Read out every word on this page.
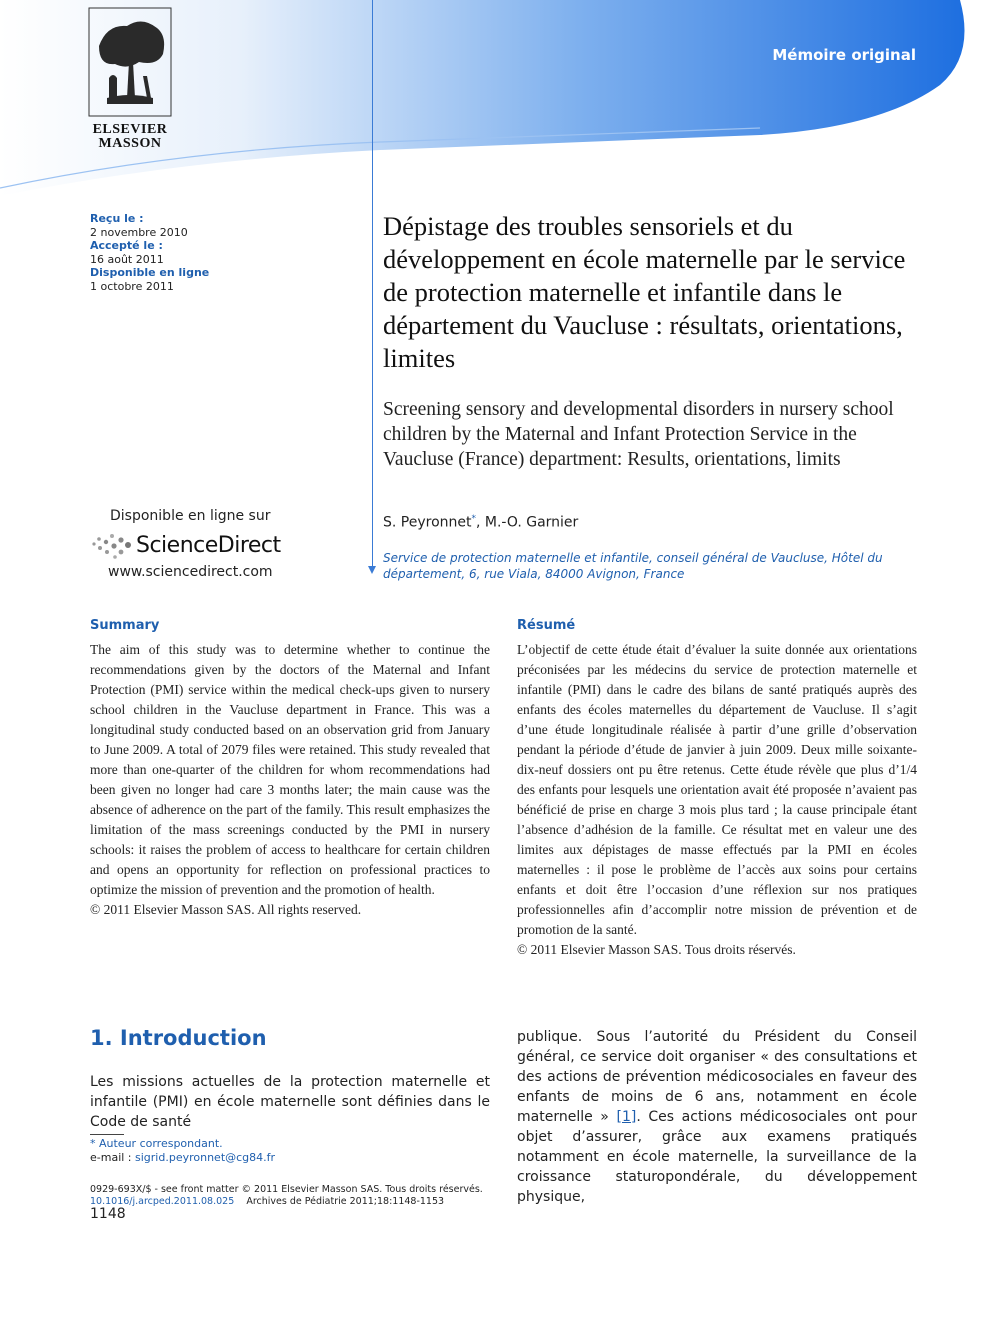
ELSEVIER
MASSON
Mémoire original
Reçu le :
2 novembre 2010
Accepté le :
16 août 2011
Disponible en ligne
1 octobre 2011
Dépistage des troubles sensoriels et du développement en école maternelle par le service de protection maternelle et infantile dans le département du Vaucluse : résultats, orientations, limites
Screening sensory and developmental disorders in nursery school children by the Maternal and Infant Protection Service in the Vaucluse (France) department: Results, orientations, limits
S. Peyronnet*, M.-O. Garnier
Service de protection maternelle et infantile, conseil général de Vaucluse, Hôtel du département, 6, rue Viala, 84000 Avignon, France
Disponible en ligne sur
ScienceDirect
www.sciencedirect.com
Summary

The aim of this study was to determine whether to continue the recommendations given by the doctors of the Maternal and Infant Protection (PMI) service within the medical check-ups given to nursery school children in the Vaucluse department in France. This was a longitudinal study conducted based on an observation grid from January to June 2009. A total of 2079 files were retained. This study revealed that more than one-quarter of the children for whom recommendations had been given no longer had care 3 months later; the main cause was the absence of adherence on the part of the family. This result emphasizes the limitation of the mass screenings conducted by the PMI in nursery schools: it raises the problem of access to healthcare for certain children and opens an opportunity for reflection on professional practices to optimize the mission of prevention and the promotion of health.

© 2011 Elsevier Masson SAS. All rights reserved.

Résumé

L’objectif de cette étude était d’évaluer la suite donnée aux orientations préconisées par les médecins du service de protection maternelle et infantile (PMI) dans le cadre des bilans de santé pratiqués auprès des enfants des écoles maternelles du département de Vaucluse. Il s’agit d’une étude longitudinale réalisée à partir d’une grille d’observation pendant la période d’étude de janvier à juin 2009. Deux mille soixante-dix-neuf dossiers ont pu être retenus. Cette étude révèle que plus d’1/4 des enfants pour lesquels une orientation avait été proposée n’avaient pas bénéficié de prise en charge 3 mois plus tard ; la cause principale étant l’absence d’adhésion de la famille. Ce résultat met en valeur une des limites aux dépistages de masse effectués par la PMI en écoles maternelles : il pose le problème de l’accès aux soins pour certains enfants et doit être l’occasion d’une réflexion sur nos pratiques professionnelles afin d’accomplir notre mission de prévention et de promotion de la santé.

© 2011 Elsevier Masson SAS. Tous droits réservés.

1. Introduction
Les missions actuelles de la protection maternelle et infantile (PMI) en école maternelle sont définies dans le Code de santé
publique. Sous l’autorité du Président du Conseil général, ce service doit organiser « des consultations et des actions de prévention médicosociales en faveur des enfants de moins de 6 ans, notamment en école maternelle » [1]. Ces actions médicosociales ont pour objet d’assurer, grâce aux examens pratiqués notamment en école maternelle, la surveillance de la croissance staturopondérale, du développement physique,
* Auteur correspondant.
e-mail : sigrid.peyronnet@cg84.fr
0929-693X/$ - see front matter © 2011 Elsevier Masson SAS. Tous droits réservés.
10.1016/j.arcped.2011.08.025 Archives de Pédiatrie 2011;18:1148-1153
1148
